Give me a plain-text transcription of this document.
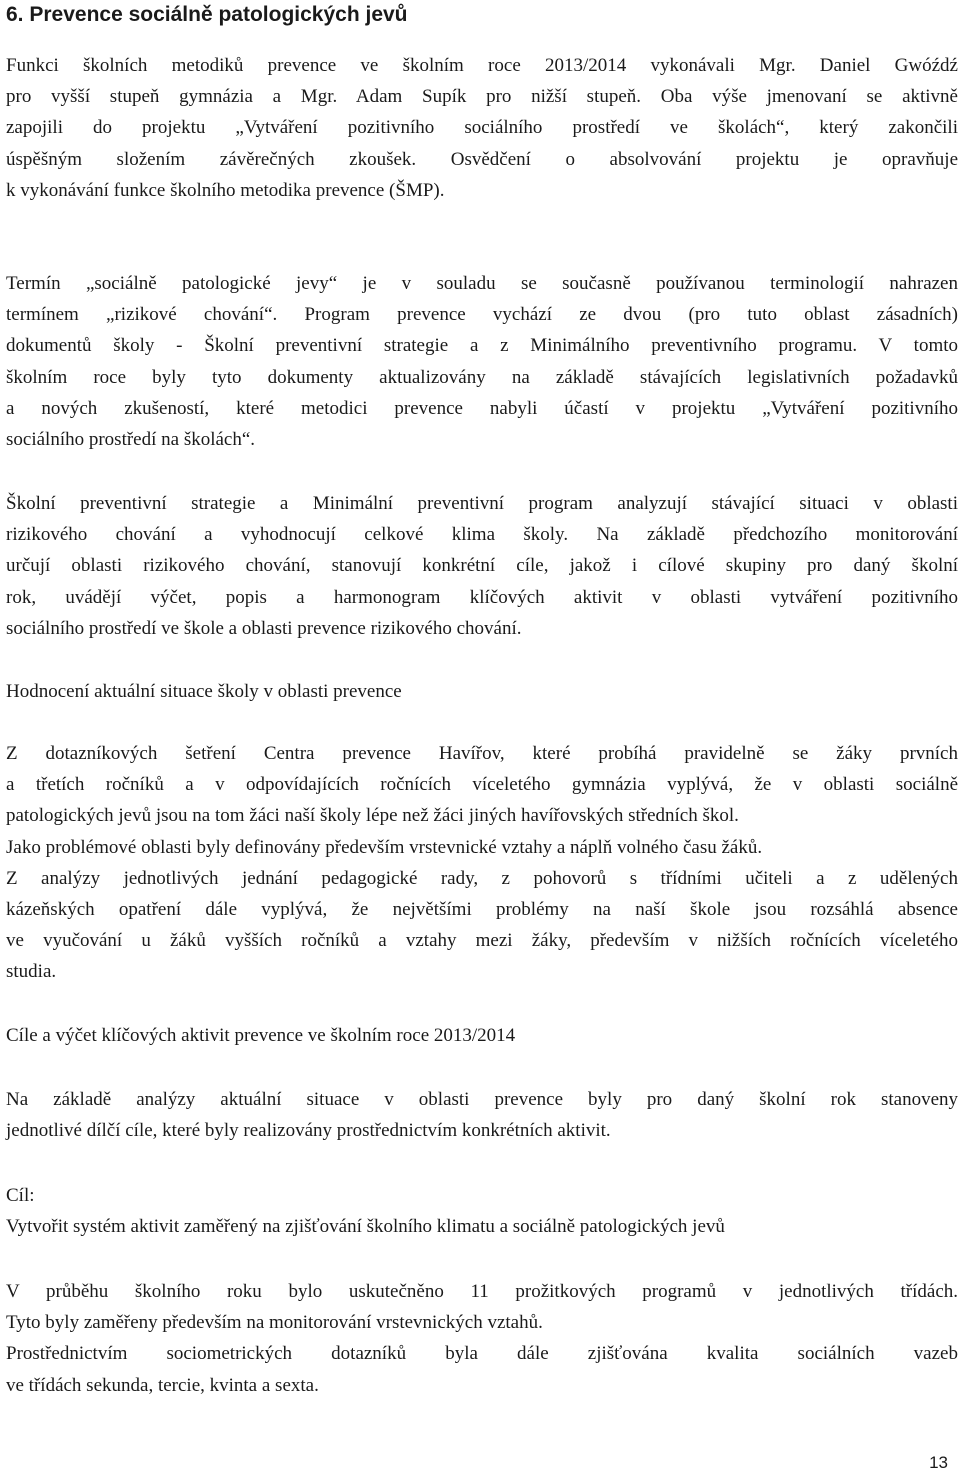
6. Prevence sociálně patologických jevů
Funkci školních metodiků prevence ve školním roce 2013/2014 vykonávali Mgr. Daniel Gwóźdź
pro vyšší stupeň gymnázia a Mgr. Adam Supík pro nižší stupeň. Oba výše jmenovaní se aktivně
zapojili do projektu „Vytváření pozitivního sociálního prostředí ve školách“, který zakončili
úspěšným složením závěrečných zkoušek. Osvědčení o absolvování projektu je opravňuje
k vykonávání funkce školního metodika prevence (ŠMP).
Termín „sociálně patologické jevy“ je v souladu se současně používanou terminologií nahrazen
termínem „rizikové chování“. Program prevence vychází ze dvou (pro tuto oblast zásadních)
dokumentů školy - Školní preventivní strategie a z Minimálního preventivního programu. V tomto
školním roce byly tyto dokumenty aktualizovány na základě stávajících legislativních požadavků
a nových zkušeností, které metodici prevence nabyli účastí v projektu „Vytváření pozitivního
sociálního prostředí na školách“.
Školní preventivní strategie a Minimální preventivní program analyzují stávající situaci v oblasti
rizikového chování a vyhodnocují celkové klima školy. Na základě předchozího monitorování
určují oblasti rizikového chování, stanovují konkrétní cíle, jakož i cílové skupiny pro daný školní
rok, uvádějí výčet, popis a harmonogram klíčových aktivit v oblasti vytváření pozitivního
sociálního prostředí ve škole a oblasti prevence rizikového chování.
Hodnocení aktuální situace školy v oblasti prevence
Z dotazníkových šetření Centra prevence Havířov, které probíhá pravidelně se žáky prvních
a třetích ročníků a v odpovídajících ročnících víceletého gymnázia vyplývá, že v oblasti sociálně
patologických jevů jsou na tom žáci naší školy lépe než žáci jiných havířovských středních škol.
Jako problémové oblasti byly definovány především vrstevnické vztahy a náplň volného času žáků.
Z analýzy jednotlivých jednání pedagogické rady, z pohovorů s třídními učiteli a z udělených
kázeňských opatření dále vyplývá, že největšími problémy na naší škole jsou rozsáhlá absence
ve vyučování u žáků vyšších ročníků a vztahy mezi žáky, především v nižších ročnících víceletého
studia.
Cíle a výčet klíčových aktivit prevence ve školním roce 2013/2014
Na základě analýzy aktuální situace v oblasti prevence byly pro daný školní rok stanoveny
jednotlivé dílčí cíle, které byly realizovány prostřednictvím konkrétních aktivit.
Cíl:
Vytvořit systém aktivit zaměřený na zjišťování školního klimatu a sociálně patologických jevů
V průběhu školního roku bylo uskutečněno 11 prožitkových programů v jednotlivých třídách.
Tyto byly zaměřeny především na monitorování vrstevnických vztahů.
Prostřednictvím sociometrických dotazníků byla dále zjišťována kvalita sociálních vazeb
ve třídách sekunda, tercie, kvinta a sexta.
13
